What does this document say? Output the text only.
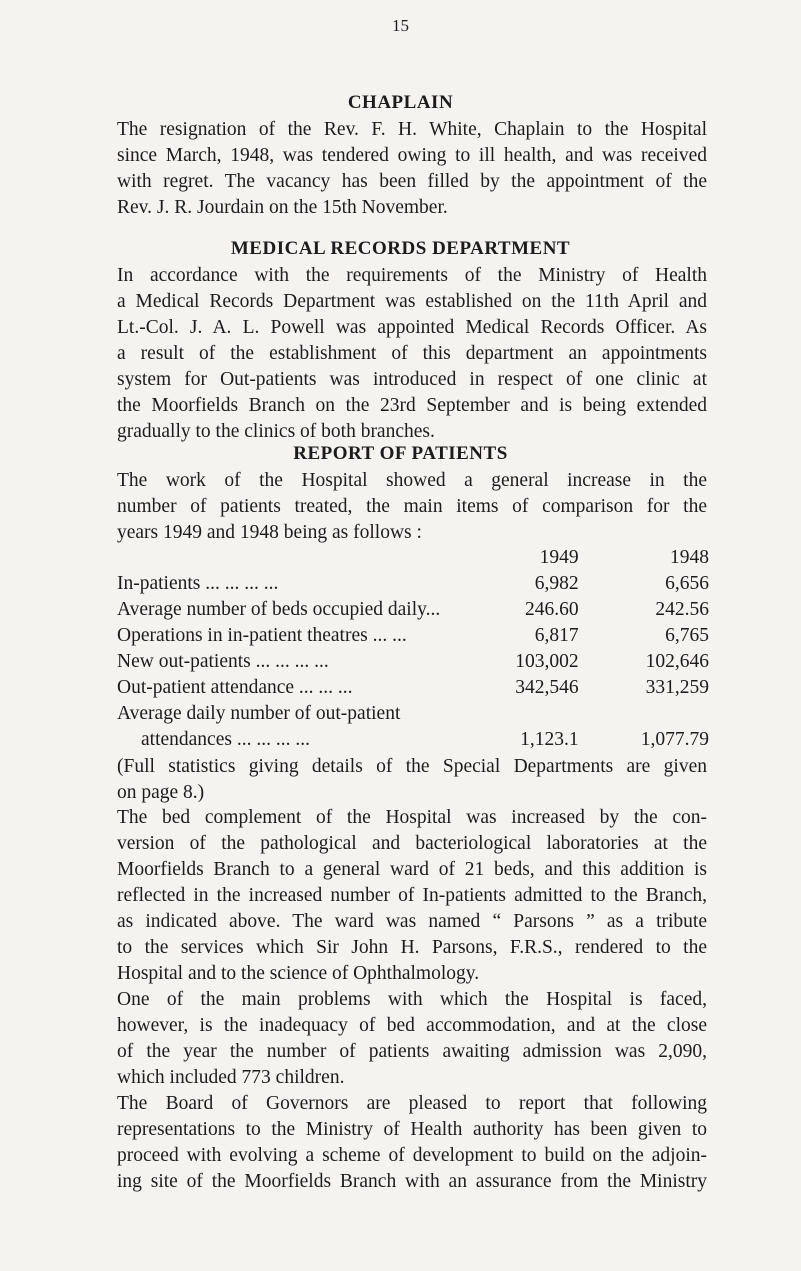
15
CHAPLAIN
The resignation of the Rev. F. H. White, Chaplain to the Hospital
since March, 1948, was tendered owing to ill health, and was received
with regret. The vacancy has been filled by the appointment of the
Rev. J. R. Jourdain on the 15th November.
MEDICAL RECORDS DEPARTMENT
In accordance with the requirements of the Ministry of Health
a Medical Records Department was established on the 11th April and
Lt.-Col. J. A. L. Powell was appointed Medical Records Officer. As
a result of the establishment of this department an appointments
system for Out-patients was introduced in respect of one clinic at
the Moorfields Branch on the 23rd September and is being extended
gradually to the clinics of both branches.
REPORT OF PATIENTS
The work of the Hospital showed a general increase in the
number of patients treated, the main items of comparison for the
years 1949 and 1948 being as follows :
	1949	1948
In-patients ... ... ... ...	6,982	6,656
Average number of beds occupied daily...	246.60	242.56
Operations in in-patient theatres ... ...	6,817	6,765
New out-patients ... ... ... ...	103,002	102,646
Out-patient attendance ... ... ...	342,546	331,259
Average daily number of out-patient		
attendances ... ... ... ...	1,123.1	1,077.79
(Full statistics giving details of the Special Departments are given
on page 8.)
The bed complement of the Hospital was increased by the con-
version of the pathological and bacteriological laboratories at the
Moorfields Branch to a general ward of 21 beds, and this addition is
reflected in the increased number of In-patients admitted to the Branch,
as indicated above. The ward was named “ Parsons ” as a tribute
to the services which Sir John H. Parsons, F.R.S., rendered to the
Hospital and to the science of Ophthalmology.
One of the main problems with which the Hospital is faced,
however, is the inadequacy of bed accommodation, and at the close
of the year the number of patients awaiting admission was 2,090,
which included 773 children.
The Board of Governors are pleased to report that following
representations to the Ministry of Health authority has been given to
proceed with evolving a scheme of development to build on the adjoin-
ing site of the Moorfields Branch with an assurance from the Ministry
